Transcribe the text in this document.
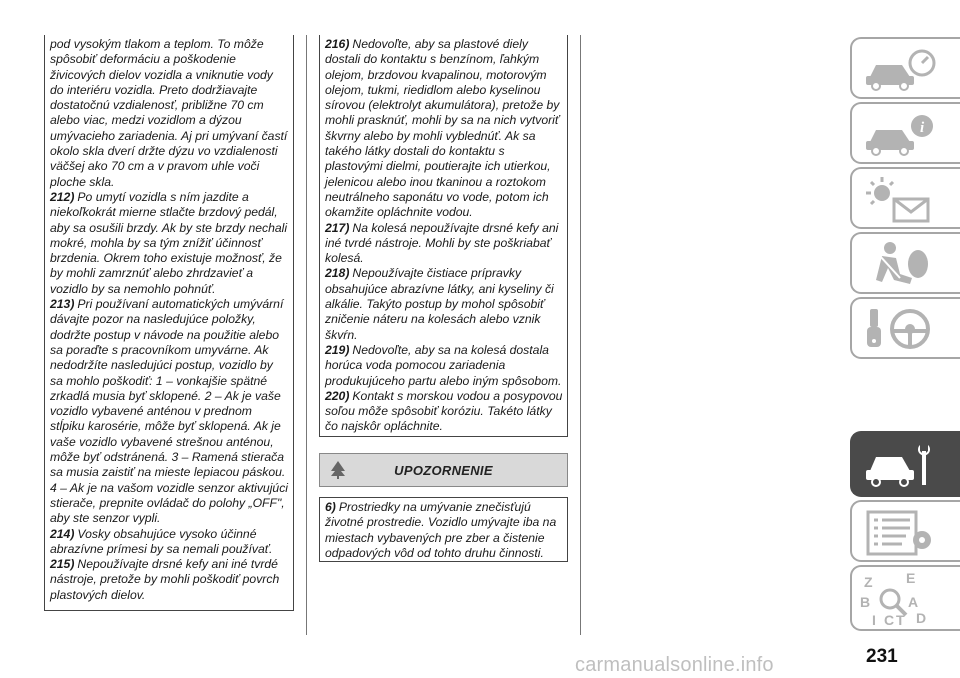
pod vysokým tlakom a teplom. To môže spôsobiť deformáciu a poškodenie živicových dielov vozidla a vniknutie vody do interiéru vozidla. Preto dodržiavajte dostatočnú vzdialenosť, približne 70 cm alebo viac, medzi vozidlom a dýzou umývacieho zariadenia. Aj pri umývaní častí okolo skla dverí držte dýzu vo vzdialenosti väčšej ako 70 cm a v pravom uhle voči ploche skla.

212) Po umytí vozidla s ním jazdite a niekoľkokrát mierne stlačte brzdový pedál, aby sa osušili brzdy. Ak by ste brzdy nechali mokré, mohla by sa tým znížiť účinnosť brzdenia. Okrem toho existuje možnosť, že by mohli zamrznúť alebo zhrdzavieť a vozidlo by sa nemohlo pohnúť.

213) Pri používaní automatických umývární dávajte pozor na nasledujúce položky, dodržte postup v návode na použitie alebo sa poraďte s pracovníkom umyvárne. Ak nedodržíte nasledujúci postup, vozidlo by sa mohlo poškodiť: 1 – vonkajšie spätné zrkadlá musia byť sklopené. 2 – Ak je vaše vozidlo vybavené anténou v prednom stĺpiku karosérie, môže byť sklopená. Ak je vaše vozidlo vybavené strešnou anténou, môže byť odstránená. 3 – Ramená stierača sa musia zaistiť na mieste lepiacou páskou. 4 – Ak je na vašom vozidle senzor aktivujúci stierače, prepnite ovládač do polohy „OFF", aby ste senzor vypli.

214) Vosky obsahujúce vysoko účinné abrazívne prímesi by sa nemali používať.

215) Nepoužívajte drsné kefy ani iné tvrdé nástroje, pretože by mohli poškodiť povrch plastových dielov.

216) Nedovoľte, aby sa plastové diely dostali do kontaktu s benzínom, ľahkým olejom, brzdovou kvapalinou, motorovým olejom, tukmi, riedidlom alebo kyselinou sírovou (elektrolyt akumulátora), pretože by mohli prasknúť, mohli by sa na nich vytvoriť škvrny alebo by mohli vyblednúť. Ak sa takého látky dostali do kontaktu s plastovými dielmi, poutierajte ich utierkou, jelenicou alebo inou tkaninou a roztokom neutrálneho saponátu vo vode, potom ich okamžite opláchnite vodou.

217) Na kolesá nepoužívajte drsné kefy ani iné tvrdé nástroje. Mohli by ste poškriabať kolesá.

218) Nepoužívajte čistiace prípravky obsahujúce abrazívne látky, ani kyseliny či alkálie. Takýto postup by mohol spôsobiť zničenie náteru na kolesách alebo vznik škvŕn.

219) Nedovoľte, aby sa na kolesá dostala horúca voda pomocou zariadenia produkujúceho partu alebo iným spôsobom.

220) Kontakt s morskou vodou a posypovou soľou môže spôsobiť koróziu. Takéto látky čo najskôr opláchnite.

UPOZORNENIE

6) Prostriedky na umývanie znečisťujú životné prostredie. Vozidlo umývajte iba na miestach vybavených pre zber a čistenie odpadových vôd od tohto druhu činnosti.

i
Z E
B	A
I C T D
231
carmanualsonline.info
